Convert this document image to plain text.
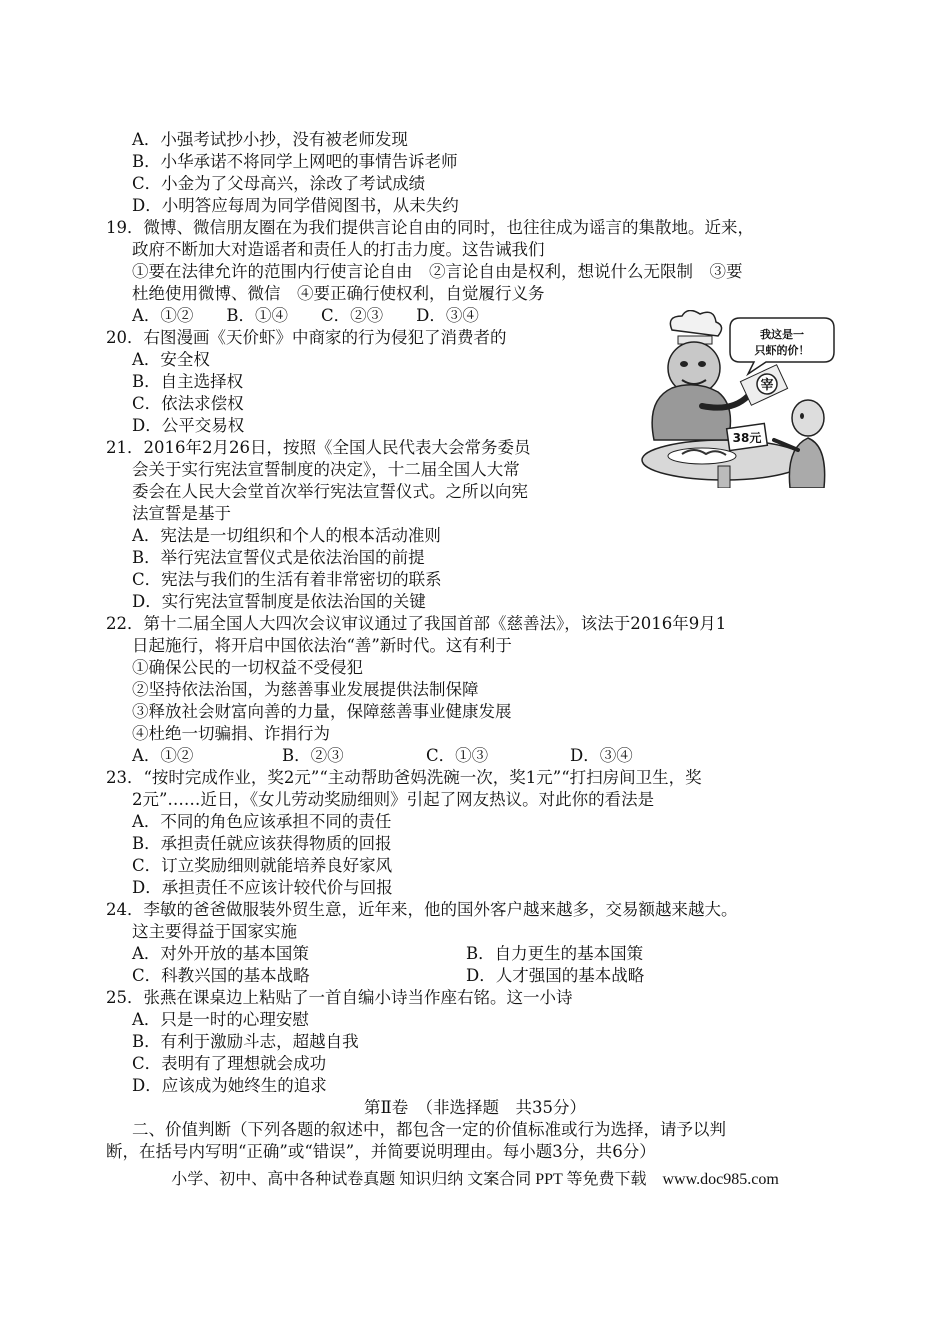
A．小强考试抄小抄，没有被老师发现
B．小华承诺不将同学上网吧的事情告诉老师
C．小金为了父母高兴，涂改了考试成绩
D．小明答应每周为同学借阅图书，从未失约
19．微博、微信朋友圈在为我们提供言论自由的同时，也往往成为谣言的集散地。近来，
政府不断加大对造谣者和责任人的打击力度。这告诫我们
①要在法律允许的范围内行使言论自由　②言论自由是权利，想说什么无限制　③要
杜绝使用微博、微信　④要正确行使权利，自觉履行义务
A．①②　　B．①④　　C．②③　　D．③④
20．右图漫画《天价虾》中商家的行为侵犯了消费者的
A．安全权
B．自主选择权
C．依法求偿权
D．公平交易权
宰
我这是一
只虾的价！
38元
21．2016年2月26日，按照《全国人民代表大会常务委员
会关于实行宪法宣誓制度的决定》，十二届全国人大常
委会在人民大会堂首次举行宪法宣誓仪式。之所以向宪
法宣誓是基于
A．宪法是一切组织和个人的根本活动准则
B．举行宪法宣誓仪式是依法治国的前提
C．宪法与我们的生活有着非常密切的联系
D．实行宪法宣誓制度是依法治国的关键
22．第十二届全国人大四次会议审议通过了我国首部《慈善法》，该法于2016年9月1
日起施行，将开启中国依法治“善”新时代。这有利于
①确保公民的一切权益不受侵犯
②坚持依法治国，为慈善事业发展提供法制保障
③释放社会财富向善的力量，保障慈善事业健康发展
④杜绝一切骗捐、诈捐行为
A．①②	B．②③	C．①③	D．③④
23．“按时完成作业，奖2元”“主动帮助爸妈洗碗一次，奖1元”“打扫房间卫生，奖
2元”……近日，《女儿劳动奖励细则》引起了网友热议。对此你的看法是
A．不同的角色应该承担不同的责任
B．承担责任就应该获得物质的回报
C．订立奖励细则就能培养良好家风
D．承担责任不应该计较代价与回报
24．李敏的爸爸做服装外贸生意，近年来，他的国外客户越来越多，交易额越来越大。
这主要得益于国家实施
A．对外开放的基本国策	B．自力更生的基本国策
C．科教兴国的基本战略	D．人才强国的基本战略
25．张燕在课桌边上粘贴了一首自编小诗当作座右铭。这一小诗
A．只是一时的心理安慰
B．有利于激励斗志，超越自我
C．表明有了理想就会成功
D．应该成为她终生的追求
第Ⅱ卷　（非选择题　共35分）
二、价值判断（下列各题的叙述中，都包含一定的价值标准或行为选择，请予以判
断，在括号内写明“正确”或“错误”，并简要说明理由。每小题3分，共6分）
小学、初中、高中各种试卷真题 知识归纳 文案合同 PPT 等免费下载　www.doc985.com
